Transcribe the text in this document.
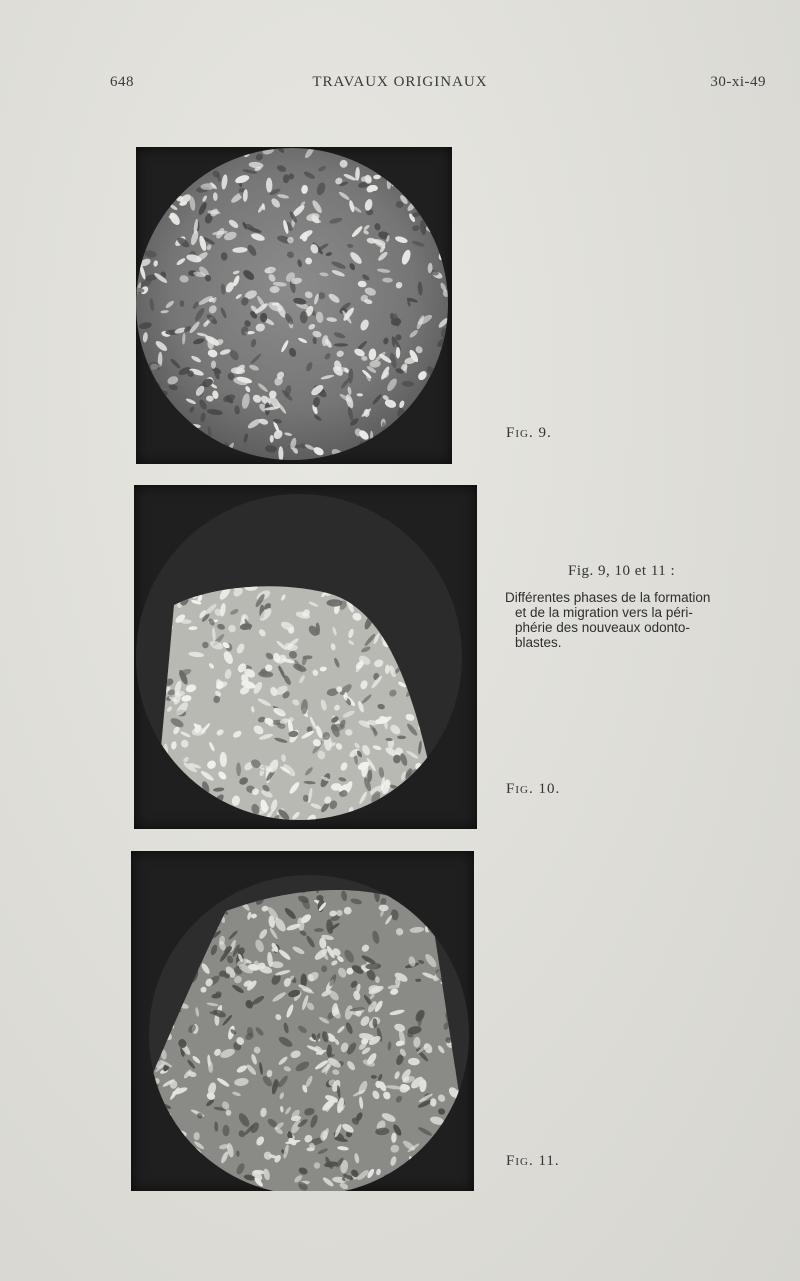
648	TRAVAUX ORIGINAUX	30-xi-49
Fig. 9.
Fig. 10.
Fig. 11.
Fig. 9, 10 et 11 :
Différentes phases de la formation
et de la migration vers la péri-
phérie des nouveaux odonto-
blastes.
